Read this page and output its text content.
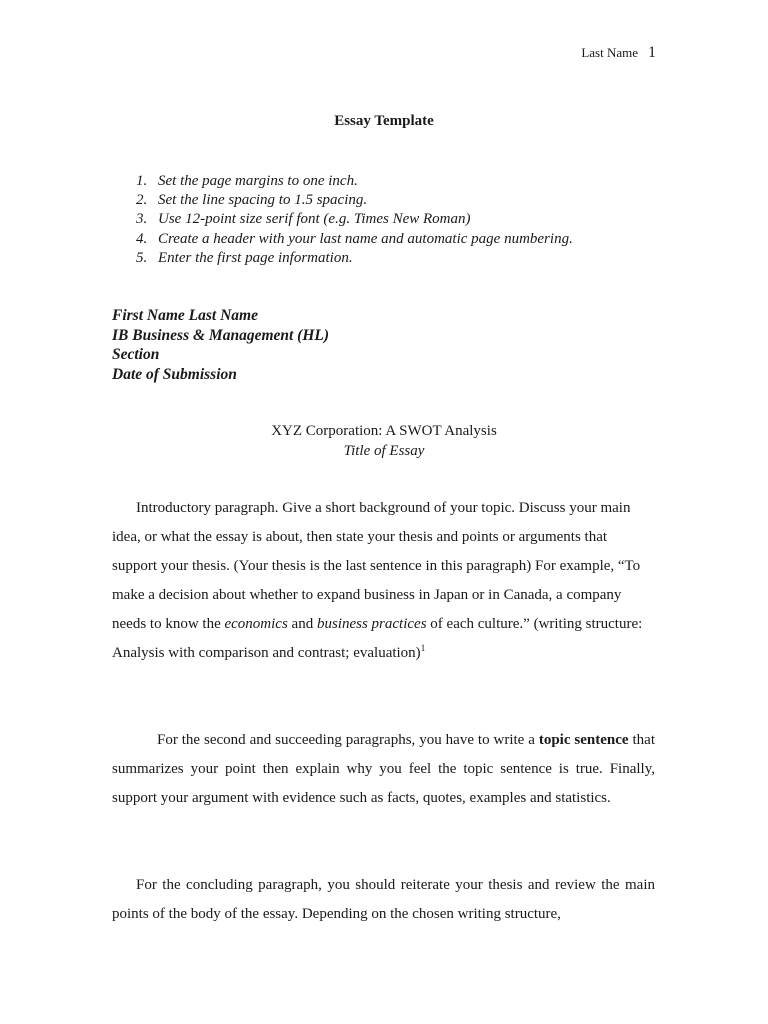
Last Name 1
Essay Template
1. Set the page margins to one inch.
2. Set the line spacing to 1.5 spacing.
3. Use 12-point size serif font (e.g. Times New Roman)
4. Create a header with your last name and automatic page numbering.
5. Enter the first page information.
First Name Last Name
IB Business & Management (HL)
Section
Date of Submission
XYZ Corporation: A SWOT Analysis
Title of Essay

Introductory paragraph. Give a short background of your topic. Discuss your main idea, or what the essay is about, then state your thesis and points or arguments that support your thesis. (Your thesis is the last sentence in this paragraph) For example, “To make a decision about whether to expand business in Japan or in Canada, a company needs to know the economics and business practices of each culture.” (writing structure: Analysis with comparison and contrast; evaluation)$^1$

For the second and succeeding paragraphs, you have to write a topic sentence that summarizes your point then explain why you feel the topic sentence is true. Finally, support your argument with evidence such as facts, quotes, examples and statistics.

For the concluding paragraph, you should reiterate your thesis and review the main points of the body of the essay. Depending on the chosen writing structure,
